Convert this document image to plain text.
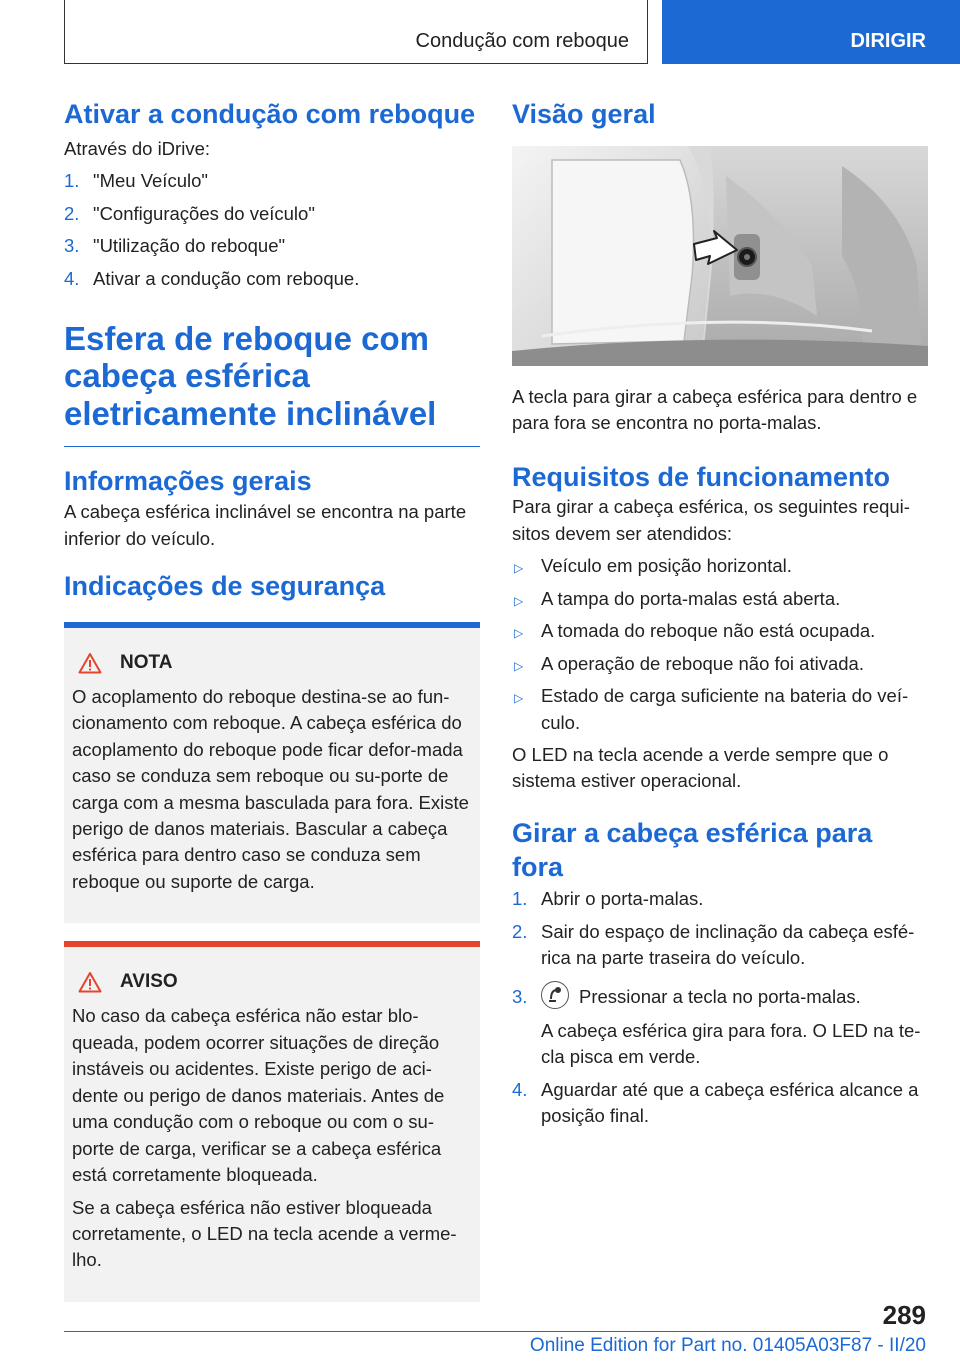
Condução com reboque	DIRIGIR
Ativar a condução com reboque

Através do iDrive:

1. "Meu Veículo"
2. "Configurações do veículo"
3. "Utilização do reboque"
4. Ativar a condução com reboque.
Esfera de reboque com cabeça esférica eletricamente inclinável
Informações gerais

A cabeça esférica inclinável se encontra na parte inferior do veículo.

Indicações de segurança
NOTA

O acoplamento do reboque destina-se ao fun-cionamento com reboque. A cabeça esférica do acoplamento do reboque pode ficar defor-mada caso se conduza sem reboque ou su-porte de carga com a mesma basculada para fora. Existe perigo de danos materiais. Bascular a cabeça esférica para dentro caso se conduza sem reboque ou suporte de carga.

AVISO

No caso da cabeça esférica não estar blo-queada, podem ocorrer situações de direção instáveis ou acidentes. Existe perigo de aci-dente ou perigo de danos materiais. Antes de uma condução com o reboque ou com o su-porte de carga, verificar se a cabeça esférica está corretamente bloqueada.

Se a cabeça esférica não estiver bloqueada corretamente, o LED na tecla acende a verme-lho.

Visão geral

A tecla para girar a cabeça esférica para dentro e para fora se encontra no porta-malas.

Requisitos de funcionamento

Para girar a cabeça esférica, os seguintes requi-sitos devem ser atendidos:

▷ Veículo em posição horizontal.
▷ A tampa do porta-malas está aberta.
▷ A tomada do reboque não está ocupada.
▷ A operação de reboque não foi ativada.
▷ Estado de carga suficiente na bateria do veí-culo.

O LED na tecla acende a verde sempre que o sistema estiver operacional.

Girar a cabeça esférica para fora
1. Abrir o porta-malas.
2. Sair do espaço de inclinação da cabeça esfé-rica na parte traseira do veículo.
3.	Pressionar a tecla no porta-malas.
A cabeça esférica gira para fora. O LED na te-cla pisca em verde.
4. Aguardar até que a cabeça esférica alcance a posição final.
289
Online Edition for Part no. 01405A03F87 - II/20
